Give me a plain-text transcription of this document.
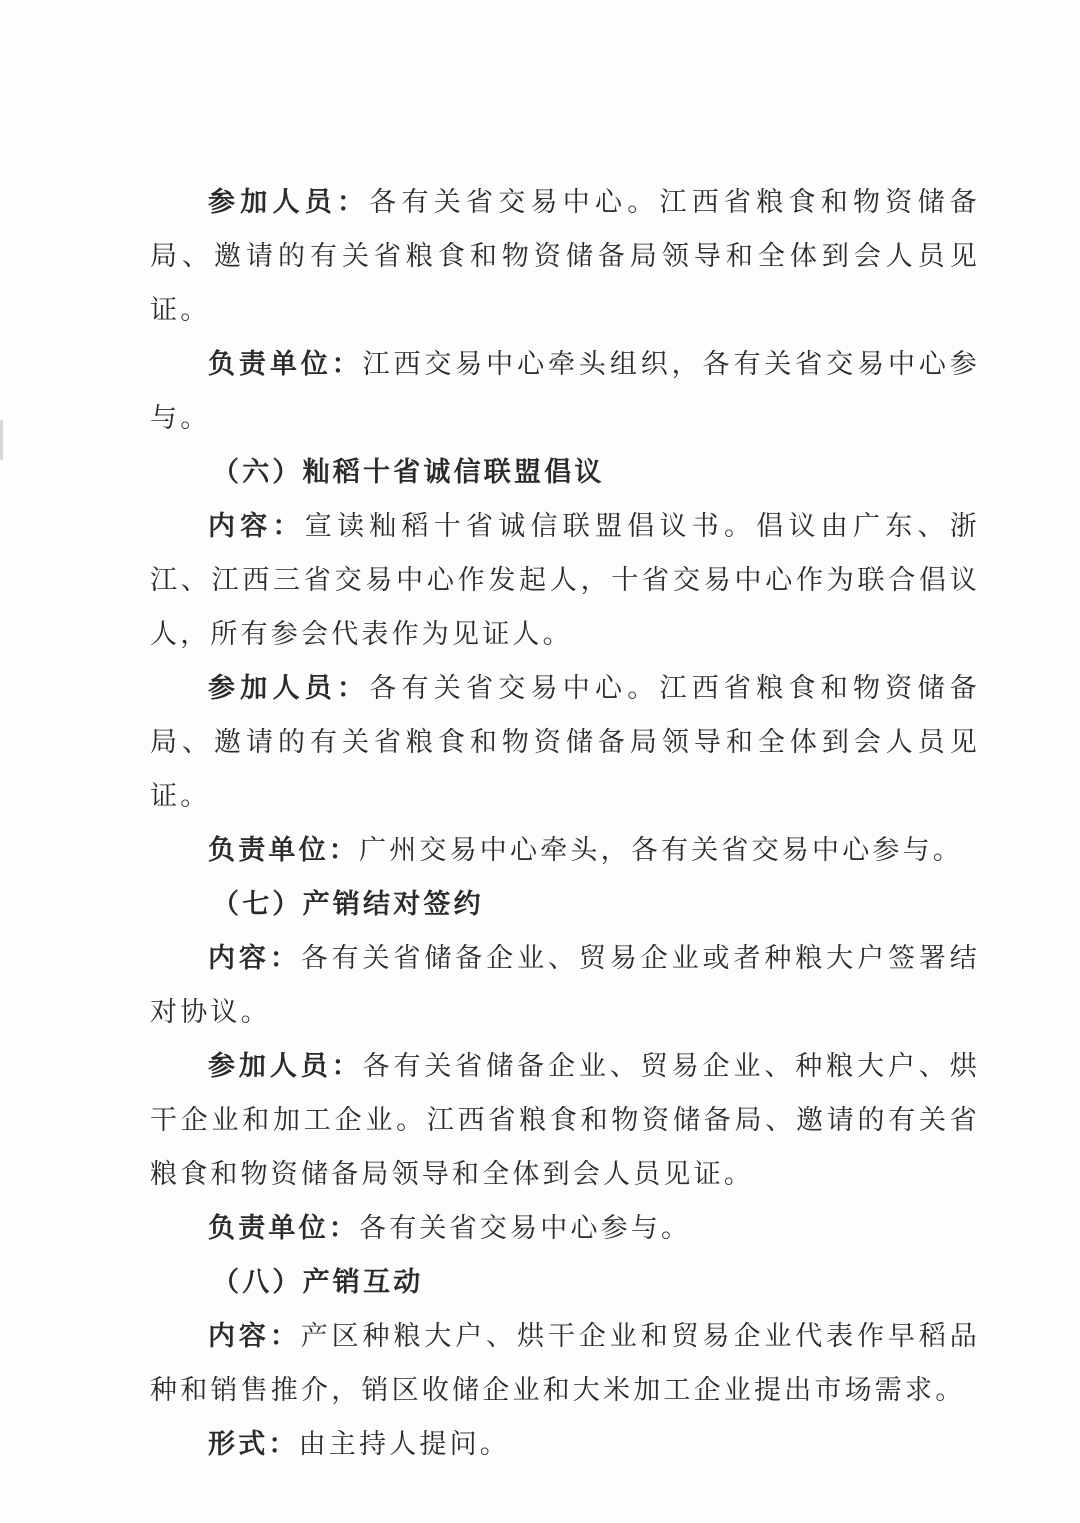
参加人员：各有关省交易中心。江西省粮食和物资储备局、邀请的有关省粮食和物资储备局领导和全体到会人员见证。

负责单位：江西交易中心牵头组织，各有关省交易中心参与。

（六）籼稻十省诚信联盟倡议

内容：宣读籼稻十省诚信联盟倡议书。倡议由广东、浙江、江西三省交易中心作发起人，十省交易中心作为联合倡议人，所有参会代表作为见证人。

参加人员：各有关省交易中心。江西省粮食和物资储备局、邀请的有关省粮食和物资储备局领导和全体到会人员见证。

负责单位：广州交易中心牵头，各有关省交易中心参与。

（七）产销结对签约

内容：各有关省储备企业、贸易企业或者种粮大户签署结对协议。

参加人员：各有关省储备企业、贸易企业、种粮大户、烘干企业和加工企业。江西省粮食和物资储备局、邀请的有关省粮食和物资储备局领导和全体到会人员见证。

负责单位：各有关省交易中心参与。

（八）产销互动

内容：产区种粮大户、烘干企业和贸易企业代表作早稻品种和销售推介，销区收储企业和大米加工企业提出市场需求。

形式：由主持人提问。
